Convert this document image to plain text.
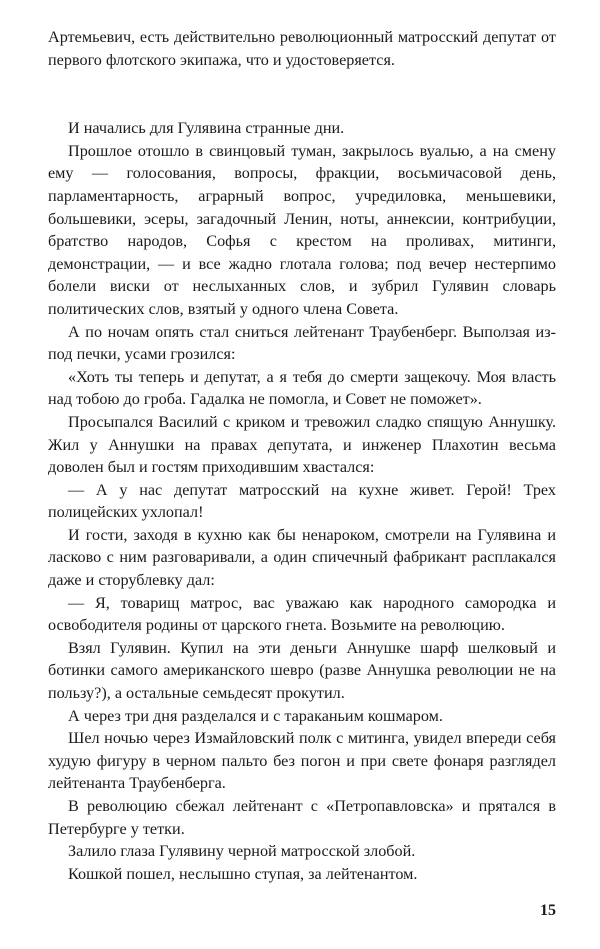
Артемьевич, есть действительно революционный матросский депутат от первого флотского экипажа, что и удостоверяется.

И начались для Гулявина странные дни.

Прошлое отошло в свинцовый туман, закрылось вуалью, а на смену ему — голосования, вопросы, фракции, восьмичасовой день, парламентарность, аграрный вопрос, учредиловка, меньшевики, большевики, эсеры, загадочный Ленин, ноты, аннексии, контрибуции, братство народов, Софья с крестом на проливах, митинги, демонстрации, — и все жадно глотала голова; под вечер нестерпимо болели виски от неслыханных слов, и зубрил Гулявин словарь политических слов, взятый у одного члена Совета.

А по ночам опять стал сниться лейтенант Траубенберг. Выползая из-под печки, усами грозился:

«Хоть ты теперь и депутат, а я тебя до смерти защекочу. Моя власть над тобою до гроба. Гадалка не помогла, и Совет не поможет».

Просыпался Василий с криком и тревожил сладко спящую Аннушку. Жил у Аннушки на правах депутата, и инженер Плахотин весьма доволен был и гостям приходившим хвастался:

— А у нас депутат матросский на кухне живет. Герой! Трех полицейских ухлопал!

И гости, заходя в кухню как бы ненароком, смотрели на Гулявина и ласково с ним разговаривали, а один спичечный фабрикант расплакался даже и сторублевку дал:

— Я, товарищ матрос, вас уважаю как народного самородка и освободителя родины от царского гнета. Возьмите на революцию.

Взял Гулявин. Купил на эти деньги Аннушке шарф шелковый и ботинки самого американского шевро (разве Аннушка революции не на пользу?), а остальные семьдесят прокутил.

А через три дня разделался и с тараканьим кошмаром.

Шел ночью через Измайловский полк с митинга, увидел впереди себя худую фигуру в черном пальто без погон и при свете фонаря разглядел лейтенанта Траубенберга.

В революцию сбежал лейтенант с «Петропавловска» и прятался в Петербурге у тетки.

Залило глаза Гулявину черной матросской злобой.

Кошкой пошел, неслышно ступая, за лейтенантом.

15
